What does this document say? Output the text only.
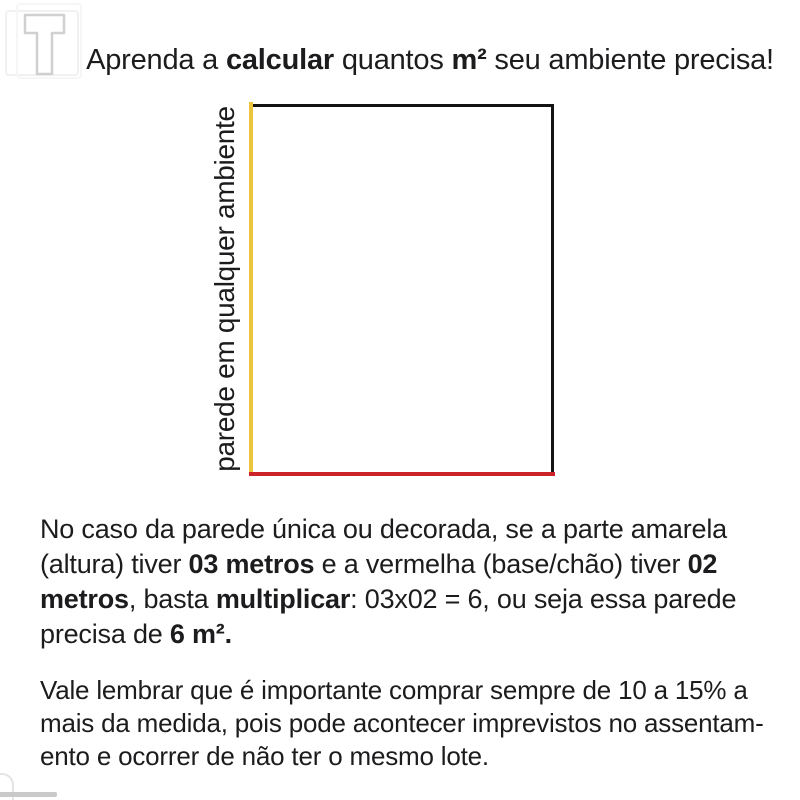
Aprenda a calcular quantos m² seu ambiente precisa!
parede em qualquer ambiente
No caso da parede única ou decorada, se a parte amarela
(altura) tiver 03 metros e a vermelha (base/chão) tiver 02
metros, basta multiplicar: 03x02 = 6, ou seja essa parede
precisa de 6 m².
Vale lembrar que é importante comprar sempre de 10 a 15% a
mais da medida, pois pode acontecer imprevistos no assentam-
ento e ocorrer de não ter o mesmo lote.
